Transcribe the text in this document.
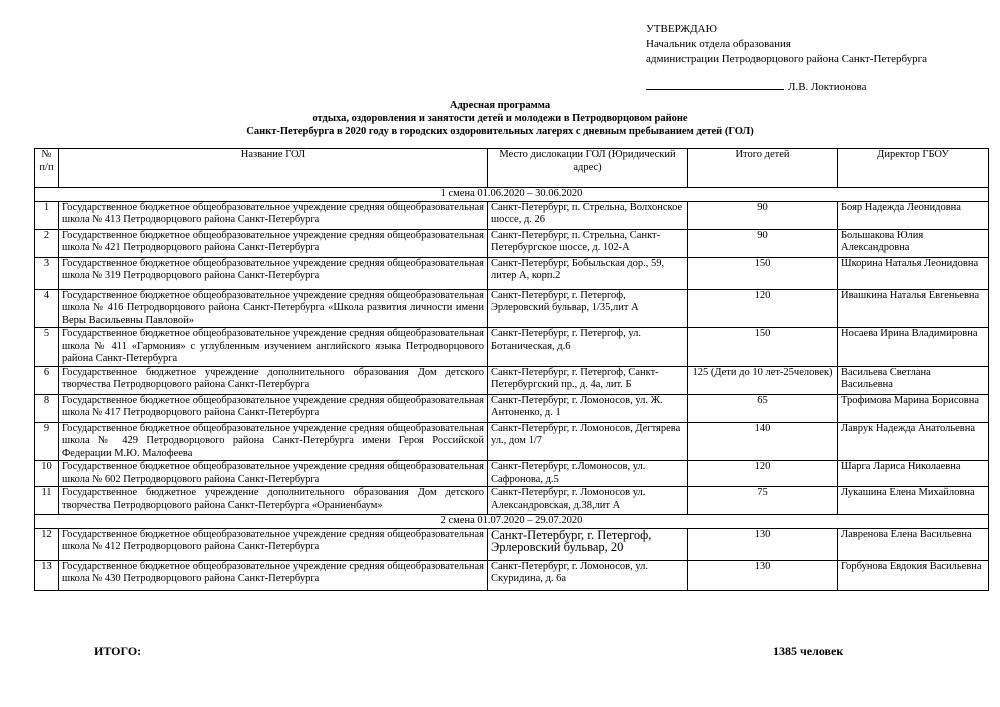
УТВЕРЖДАЮ
Начальник отдела образования
администрации Петродворцового района Санкт-Петербурга
Л.В. Локтионова
Адресная программа
отдыха, оздоровления и занятости детей и молодежи в Петродворцовом районе
Санкт-Петербурга в 2020 году в городских оздоровительных лагерях с дневным пребыванием детей (ГОЛ)
№ п/п	Название ГОЛ	Место дислокации ГОЛ (Юридический адрес)	Итого детей	Директор ГБОУ
1 смена 01.06.2020 – 30.06.2020				
1	Государственное бюджетное общеобразовательное учреждение средняя общеобразовательная школа № 413 Петродворцового района Санкт-Петербурга	Санкт-Петербург, п. Стрельна, Волхонское шоссе, д. 26	90	Бояр Надежда Леонидовна
2	Государственное бюджетное общеобразовательное учреждение средняя общеобразовательная школа № 421 Петродворцового района Санкт-Петербурга	Санкт-Петербург, п. Стрельна, Санкт-Петербургское шоссе, д. 102-А	90	Большакова Юлия Александровна
3	Государственное бюджетное общеобразовательное учреждение средняя общеобразовательная школа № 319 Петродворцового района Санкт-Петербурга	Санкт-Петербург, Бобыльская дор., 59, литер А, корп.2	150	Шкорина Наталья Леонидовна
4	Государственное бюджетное общеобразовательное учреждение средняя общеобразовательная школа № 416 Петродворцового района Санкт-Петербурга «Школа развития личности имени Веры Васильевны Павловой»	Санкт-Петербург, г. Петергоф, Эрлеровский бульвар, 1/35,лит А	120	Ивашкина Наталья Евгеньевна
5	Государственное бюджетное общеобразовательное учреждение средняя общеобразовательная школа № 411 «Гармония» с углубленным изучением английского языка Петродворцового района Санкт-Петербурга	Санкт-Петербург, г. Петергоф, ул. Ботаническая, д.6	150	Носаева Ирина Владимировна
6	Государственное бюджетное учреждение дополнительного образования Дом детского творчества Петродворцового района Санкт-Петербурга	Санкт-Петербург, г. Петергоф, Санкт-Петербургский пр., д. 4а, лит. Б	125 (Дети до 10 лет-25человек)	Васильева Светлана Васильевна
8	Государственное бюджетное общеобразовательное учреждение средняя общеобразовательная школа № 417 Петродворцового района Санкт-Петербурга	Санкт-Петербург, г. Ломоносов, ул. Ж. Антоненко, д. 1	65	Трофимова Марина Борисовна
9	Государственное бюджетное общеобразовательное учреждение средняя общеобразовательная школа № 429 Петродворцового района Санкт-Петербурга имени Героя Российской Федерации М.Ю. Малофеева	Санкт-Петербург, г. Ломоносов, Дегтярева ул., дом 1/7	140	Лаврук Надежда Анатольевна
10	Государственное бюджетное общеобразовательное учреждение средняя общеобразовательная школа № 602 Петродворцового района Санкт-Петербурга	Санкт-Петербург, г.Ломоносов, ул. Сафронова, д.5	120	Шарга Лариса Николаевна
11	Государственное бюджетное учреждение дополнительного образования Дом детского творчества Петродворцового района Санкт-Петербурга «Ораниенбаум»	Санкт-Петербург, г. Ломоносов ул. Александровская, д.38,лит А	75	Лукашина Елена Михайловна
2 смена 01.07.2020 – 29.07.2020				
12	Государственное бюджетное общеобразовательное учреждение средняя общеобразовательная школа № 412 Петродворцового района Санкт-Петербурга	Санкт-Петербург, г. Петергоф, Эрлеровский бульвар, 20	130	Лавренова Елена Васильевна
13	Государственное бюджетное общеобразовательное учреждение средняя общеобразовательная школа № 430 Петродворцового района Санкт-Петербурга	Санкт-Петербург, г. Ломоносов, ул. Скуридина, д. 6а	130	Горбунова Евдокия Васильевна
ИТОГО:	1385 человек
